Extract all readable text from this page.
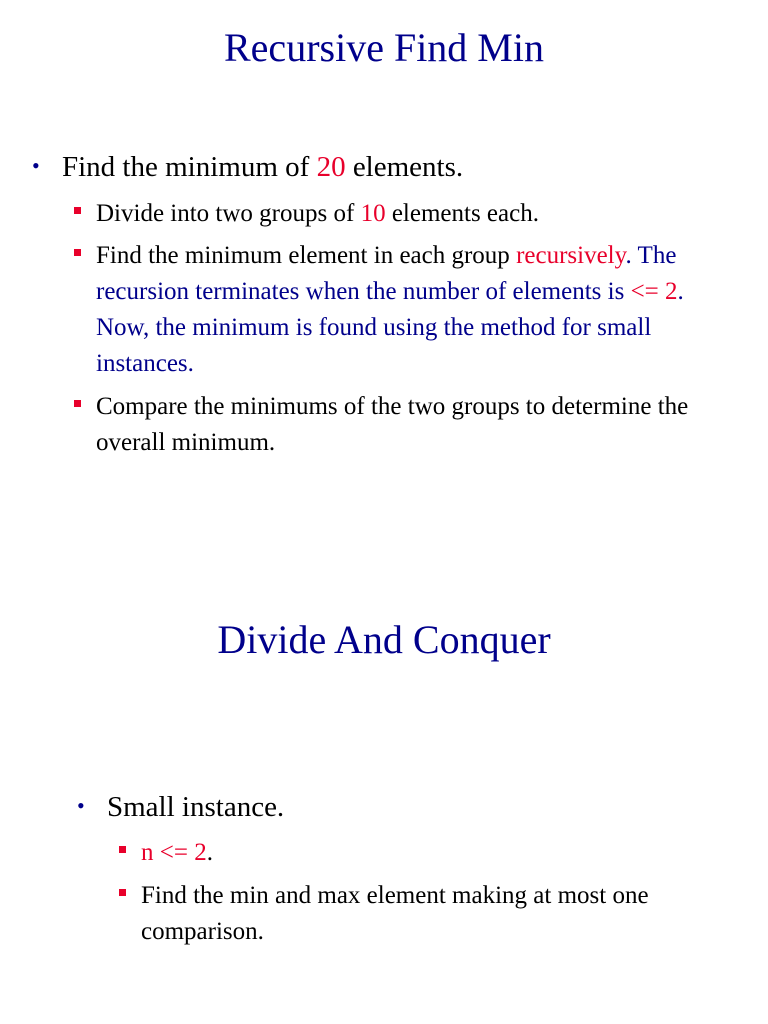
Recursive Find Min
• Find the minimum of 20 elements.
Divide into two groups of 10 elements each.
Find the minimum element in each group recursively. The recursion terminates when the number of elements is <= 2. Now, the minimum is found using the method for small instances.
Compare the minimums of the two groups to determine the overall minimum.
Divide And Conquer
• Small instance.
n <= 2.
Find the min and max element making at most one comparison.
